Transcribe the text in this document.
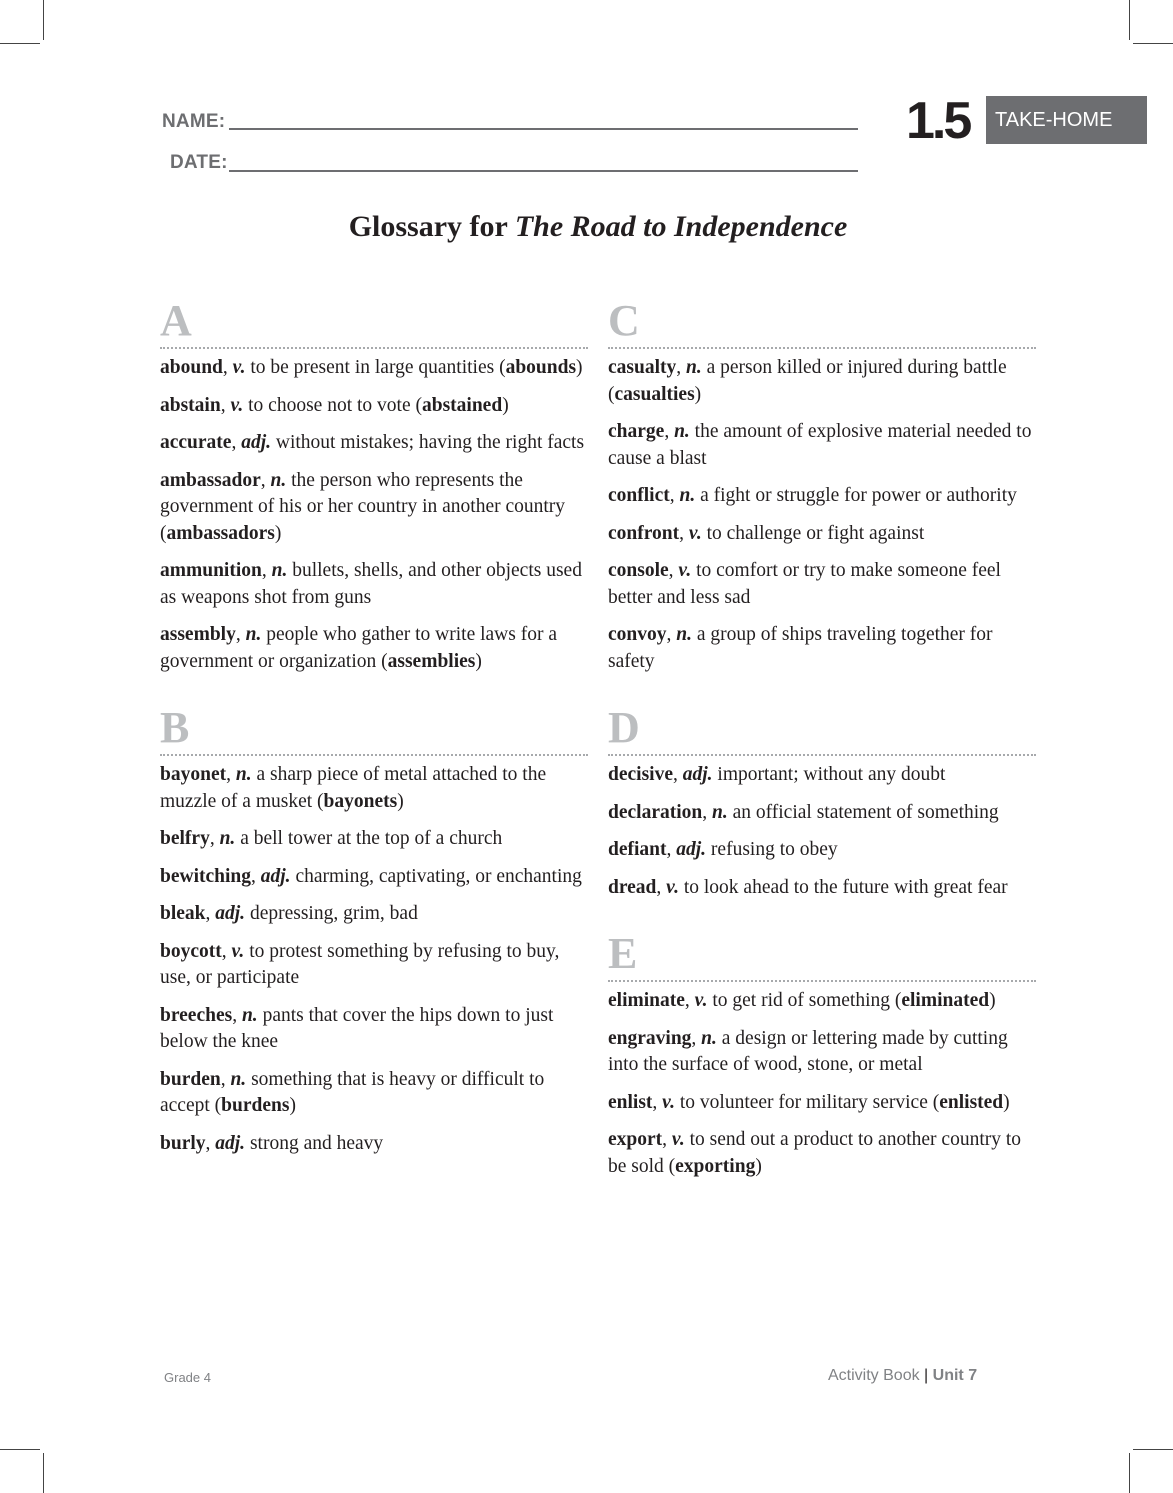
NAME:
DATE:
1.5	TAKE-HOME
Glossary for The Road to Independence
A

abound, v. to be present in large quantities (abounds)

abstain, v. to choose not to vote (abstained)

accurate, adj. without mistakes; having the right facts

ambassador, n. the person who represents the government of his or her country in another country (ambassadors)

ammunition, n. bullets, shells, and other objects used as weapons shot from guns

assembly, n. people who gather to write laws for a government or organization (assemblies)

B

bayonet, n. a sharp piece of metal attached to the muzzle of a musket (bayonets)

belfry, n. a bell tower at the top of a church

bewitching, adj. charming, captivating, or enchanting

bleak, adj. depressing, grim, bad

boycott, v. to protest something by refusing to buy, use, or participate

breeches, n. pants that cover the hips down to just below the knee

burden, n. something that is heavy or difficult to accept (burdens)

burly, adj. strong and heavy

C

casualty, n. a person killed or injured during battle (casualties)

charge, n. the amount of explosive material needed to cause a blast

conflict, n. a fight or struggle for power or authority

confront, v. to challenge or fight against

console, v. to comfort or try to make someone feel better and less sad

convoy, n. a group of ships traveling together for safety

D

decisive, adj. important; without any doubt

declaration, n. an official statement of something

defiant, adj. refusing to obey

dread, v. to look ahead to the future with great fear

E

eliminate, v. to get rid of something (eliminated)

engraving, n. a design or lettering made by cutting into the surface of wood, stone, or metal

enlist, v. to volunteer for military service (enlisted)

export, v. to send out a product to another country to be sold (exporting)

Grade 4	Activity Book | Unit 7
